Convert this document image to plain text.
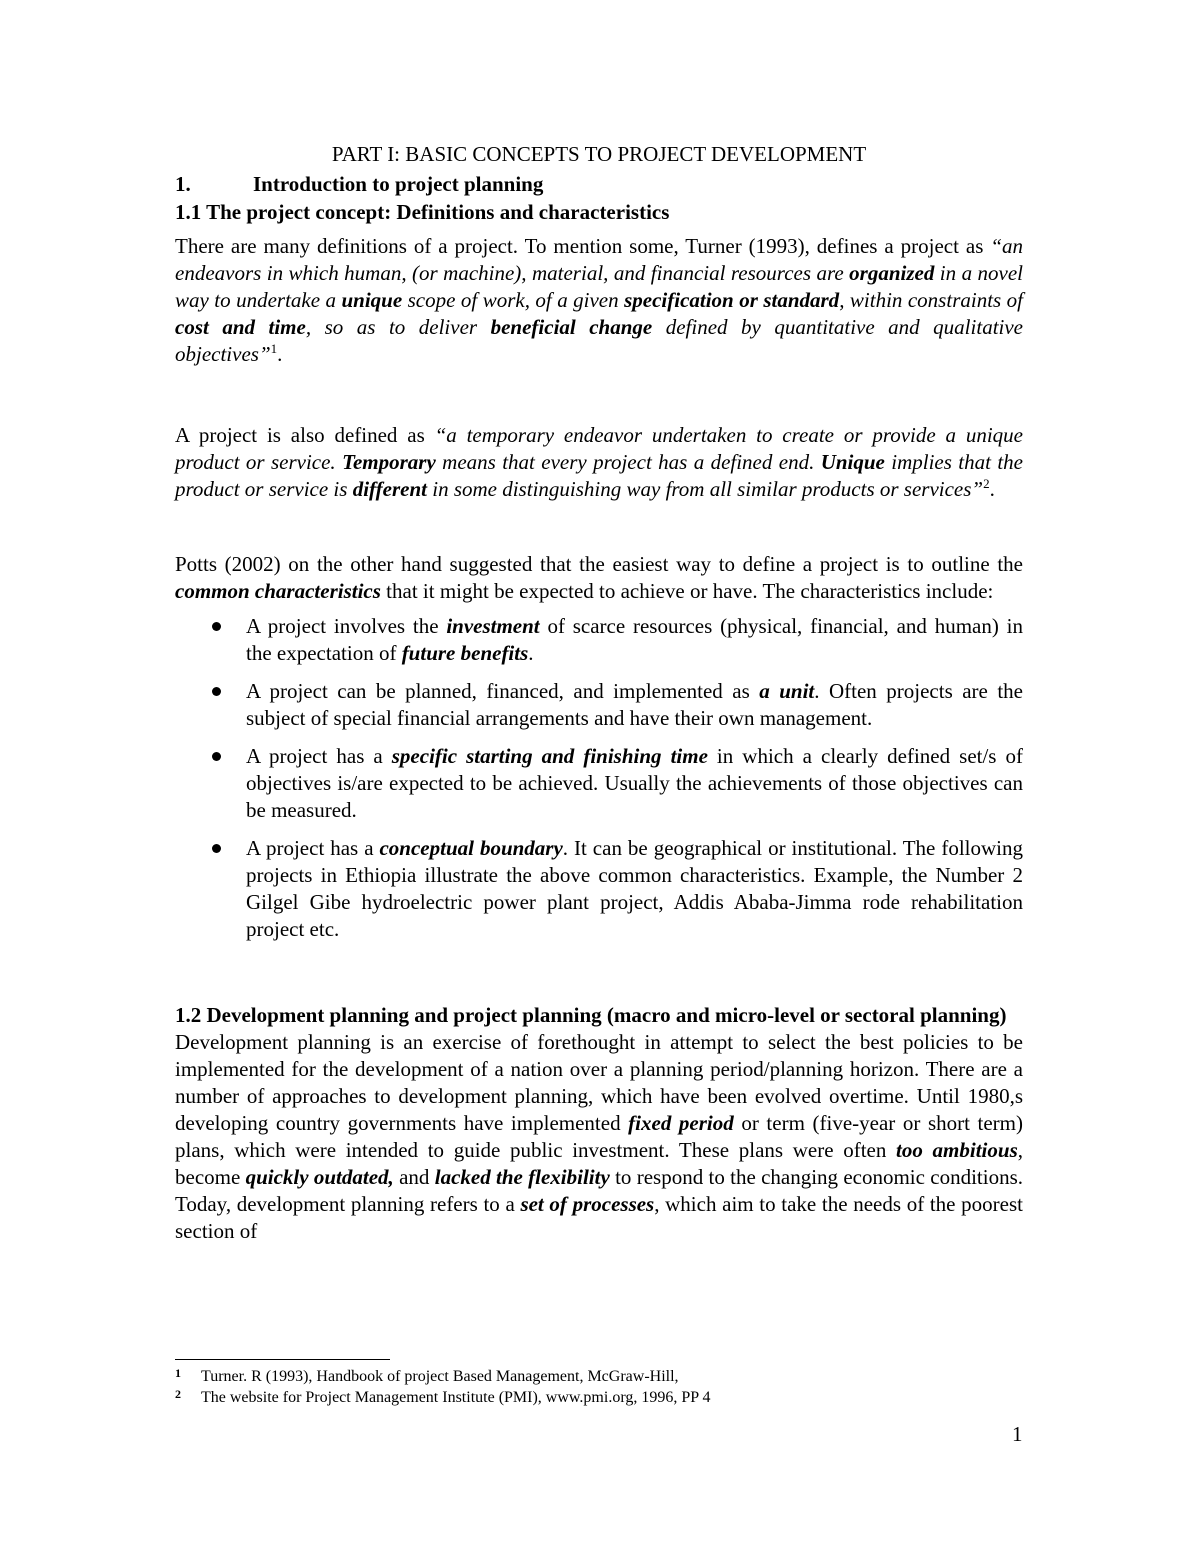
PART I: BASIC CONCEPTS TO PROJECT DEVELOPMENT
1.	Introduction to project planning
1.1 The project concept: Definitions and characteristics

There are many definitions of a project. To mention some, Turner (1993), defines a project as “an endeavors in which human, (or machine), material, and financial resources are organized in a novel way to undertake a unique scope of work, of a given specification or standard, within constraints of cost and time, so as to deliver beneficial change defined by quantitative and qualitative objectives”$^1$.

A project is also defined as “a temporary endeavor undertaken to create or provide a unique product or service. Temporary means that every project has a defined end. Unique implies that the product or service is different in some distinguishing way from all similar products or services”$^2$.

Potts (2002) on the other hand suggested that the easiest way to define a project is to outline the common characteristics that it might be expected to achieve or have. The characteristics include:

A project involves the investment of scarce resources (physical, financial, and human) in the expectation of future benefits.
A project can be planned, financed, and implemented as a unit. Often projects are the subject of special financial arrangements and have their own management.
A project has a specific starting and finishing time in which a clearly defined set/s of objectives is/are expected to be achieved. Usually the achievements of those objectives can be measured.
A project has a conceptual boundary. It can be geographical or institutional. The following projects in Ethiopia illustrate the above common characteristics. Example, the Number 2 Gilgel Gibe hydroelectric power plant project, Addis Ababa-Jimma rode rehabilitation project etc.
1.2 Development planning and project planning (macro and micro-level or sectoral planning)

Development planning is an exercise of forethought in attempt to select the best policies to be implemented for the development of a nation over a planning period/planning horizon. There are a number of approaches to development planning, which have been evolved overtime. Until 1980,s developing country governments have implemented fixed period or term (five-year or short term) plans, which were intended to guide public investment. These plans were often too ambitious, become quickly outdated, and lacked the flexibility to respond to the changing economic conditions. Today, development planning refers to a set of processes, which aim to take the needs of the poorest section of

1	Turner. R (1993), Handbook of project Based Management, McGraw-Hill,
2	The website for Project Management Institute (PMI), www.pmi.org, 1996, PP 4
1
